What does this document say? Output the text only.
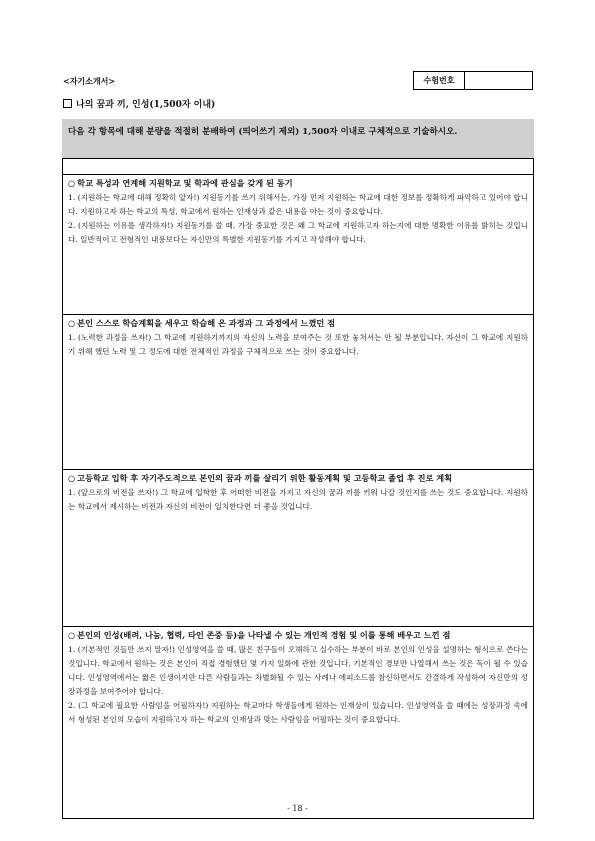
<자기소개서>	수험번호
나의 꿈과 끼, 인성(1,500자 이내)
다음 각 항목에 대해 분량을 적절히 분배하여 (띄어쓰기 제외) 1,500자 이내로 구체적으로 기술하시오.

○ 학교 특성과 연계해 지원학교 및 학과에 관심을 갖게 된 동기

1. (지원하는 학교에 대해 정확히 알자!) 지원동기를 쓰기 위해서는, 가장 먼저 지원하는 학교에 대한 정보를 정확하게 파악하고 있어야 합니다. 지원하고자 하는 학교의 특성, 학교에서 원하는 인재상과 같은 내용을 아는 것이 중요합니다.

2. (지원하는 이유를 생각하자!) 지원동기를 쓸 때, 가장 중요한 것은 왜 그 학교에 지원하고자 하는지에 대한 명확한 이유를 밝히는 것입니다. 일반적이고 전형적인 내용보다는 자신만의 특별한 지원동기를 가지고 작성해야 합니다.

○ 본인 스스로 학습계획을 세우고 학습해 온 과정과 그 과정에서 느꼈던 점

1. (노력한 과정을 쓰자!) 그 학교에 지원하기까지의 자신의 노력을 보여주는 것 또한 놓쳐서는 안 될 부분입니다. 자신이 그 학교에 지원하기 위해 했던 노력 및 그 정도에 대한 전체적인 과정을 구체적으로 쓰는 것이 중요합니다.

○ 고등학교 입학 후 자기주도적으로 본인의 꿈과 끼를 살리기 위한 활동계획 및 고등학교 졸업 후 진로 계획

1. (앞으로의 비전을 쓰자!) 그 학교에 입학한 후 어떠한 비전을 가지고 자신의 꿈과 끼를 키워 나갈 것인지를 쓰는 것도 중요합니다. 지원하는 학교에서 제시하는 비전과 자신의 비전이 일치한다면 더 좋을 것입니다.

○ 본인의 인성(배려, 나눔, 협력, 타인 존중 등)을 나타낼 수 있는 개인적 경험 및 이를 통해 배우고 느낀 점

1. (기본적인 것들만 쓰지 말자!) 인성영역을 쓸 때, 많은 친구들이 오해하고 실수하는 부분이 바로 본인의 인성을 설명하는 형식으로 쓴다는 것입니다. 학교에서 원하는 것은 본인이 직접 경험했던 몇 가지 일화에 관한 것입니다. 기본적인 경보만 나열해서 쓰는 것은 독이 될 수 있습니다. 인성영역에서는 짧은 인생이지만 다른 사람들과는 차별화될 수 있는 사례나 에피소드를 참신하면서도 간결하게 작성하여 자신만의 성장과정을 보여주어야 합니다.

2. (그 학교에 필요한 사람임을 어필하자!) 지원하는 학교마다 학생들에게 원하는 인재상이 있습니다. 인성영역을 쓸 때에는 성장과정 속에서 형성된 본인의 모습이 지원하고자 하는 학교의 인재상과 맞는 사람임을 어필하는 것이 중요합니다.

- 18 -
